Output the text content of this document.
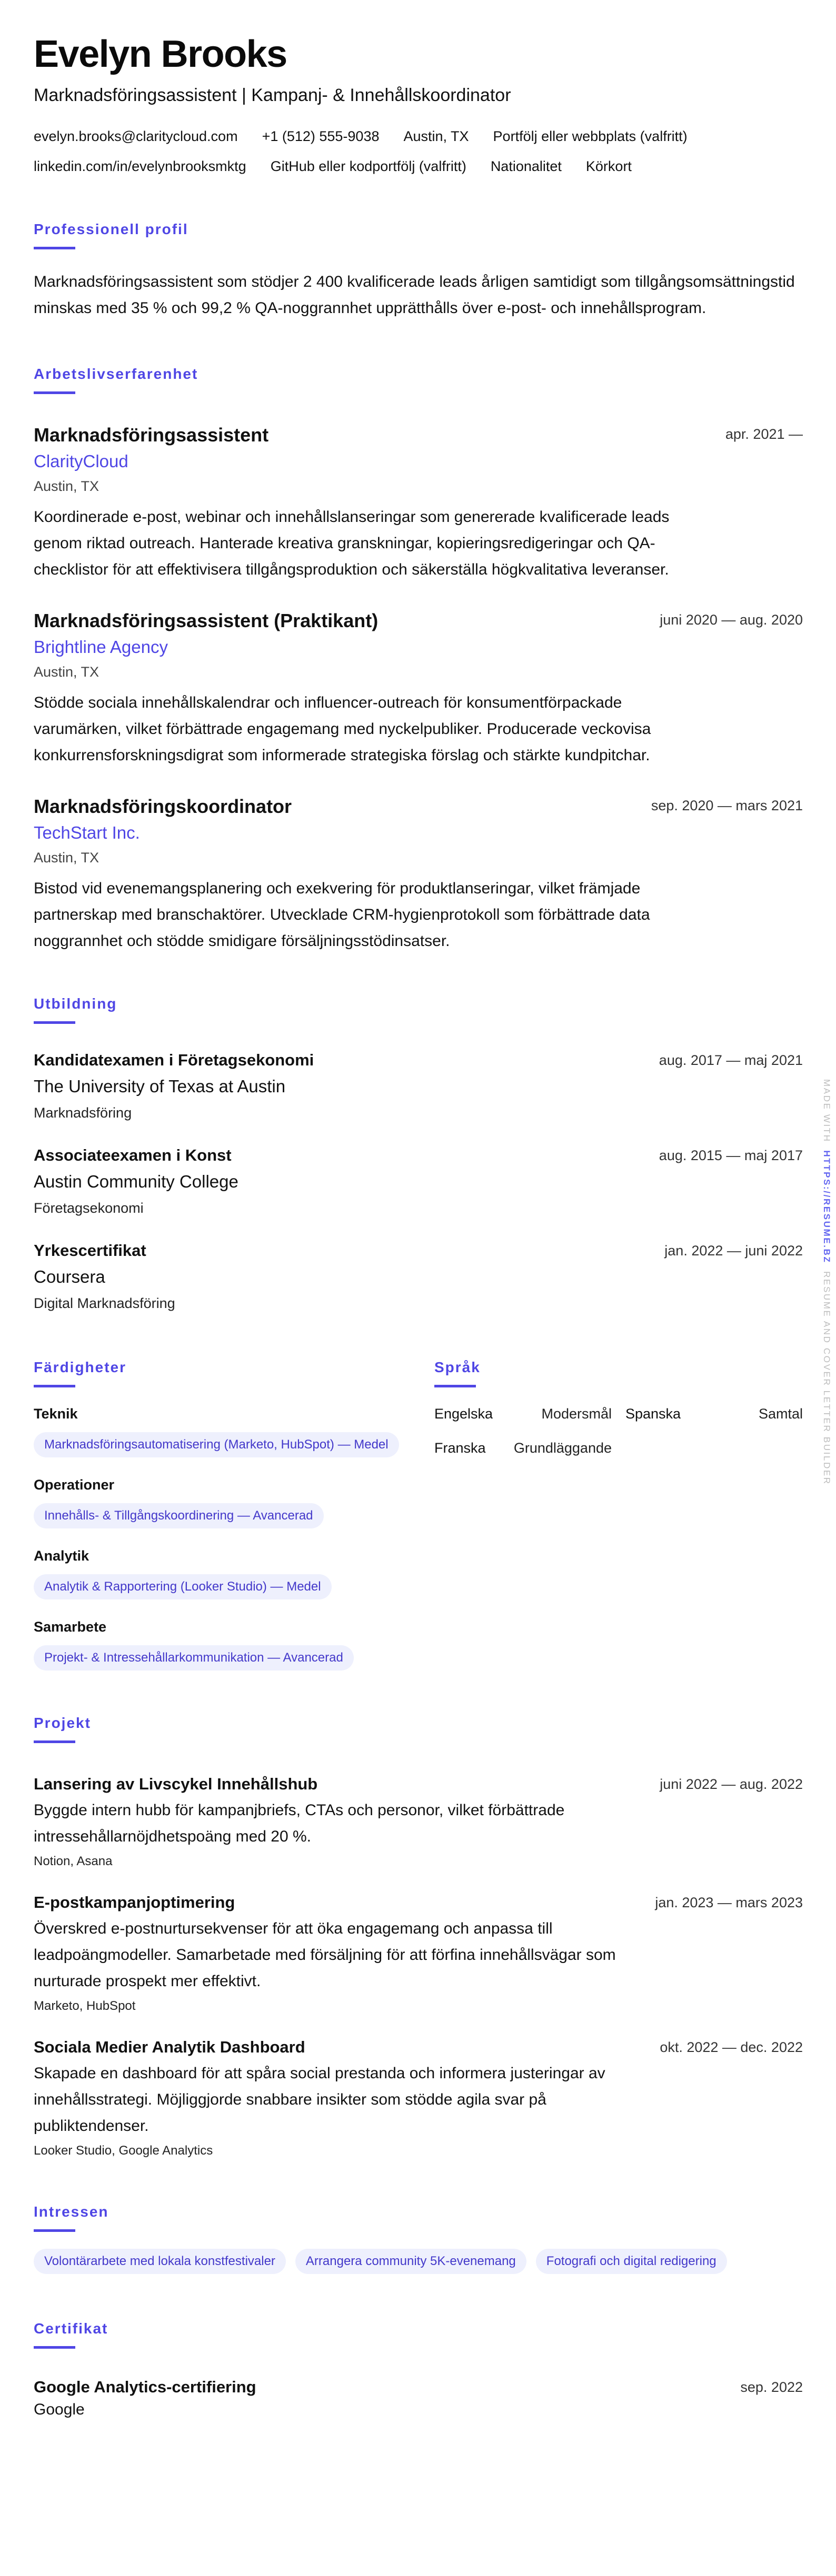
Evelyn Brooks
Marknadsföringsassistent | Kampanj- & Innehållskoordinator
evelyn.brooks@claritycloud.com +1 (512) 555-9038 Austin, TX Portfölj eller webbplats (valfritt)
linkedin.com/in/evelynbrooksmktg GitHub eller kodportfölj (valfritt) Nationalitet Körkort
Professionell profil

Marknadsföringsassistent som stödjer 2 400 kvalificerade leads årligen samtidigt som tillgångsomsättningstid minskas med 35 % och 99,2 % QA-noggrannhet upprätthålls över e-post- och innehållsprogram.

Arbetslivserfarenhet
Marknadsföringsassistent	apr. 2021 —
ClarityCloud
Austin, TX

Koordinerade e-post, webinar och innehållslanseringar som genererade kvalificerade leads genom riktad outreach. Hanterade kreativa granskningar, kopieringsredigeringar och QA-checklistor för att effektivisera tillgångsproduktion och säkerställa högkvalitativa leveranser.

Marknadsföringsassistent (Praktikant)	juni 2020 — aug. 2020
Brightline Agency
Austin, TX

Stödde sociala innehållskalendrar och influencer-outreach för konsumentförpackade varumärken, vilket förbättrade engagemang med nyckelpubliker. Producerade veckovisa konkurrensforskningsdigrat som informerade strategiska förslag och stärkte kundpitchar.

Marknadsföringskoordinator	sep. 2020 — mars 2021
TechStart Inc.
Austin, TX

Bistod vid evenemangsplanering och exekvering för produktlanseringar, vilket främjade partnerskap med branschaktörer. Utvecklade CRM-hygienprotokoll som förbättrade data noggrannhet och stödde smidigare försäljningsstödinsatser.

Utbildning
Kandidatexamen i Företagsekonomi	aug. 2017 — maj 2021
The University of Texas at Austin
Marknadsföring
Associateexamen i Konst	aug. 2015 — maj 2017
Austin Community College
Företagsekonomi
Yrkescertifikat	jan. 2022 — juni 2022
Coursera
Digital Marknadsföring
Färdigheter
Teknik
Marknadsföringsautomatisering (Marketo, HubSpot) — Medel
Operationer
Innehålls- & Tillgångskoordinering — Avancerad
Analytik
Analytik & Rapportering (Looker Studio) — Medel
Samarbete
Projekt- & Intressehållarkommunikation — Avancerad
Språk
Engelska	Modersmål Spanska	Samtal
Franska Grundläggande
Projekt
Lansering av Livscykel Innehållshub	juni 2022 — aug. 2022

Byggde intern hubb för kampanjbriefs, CTAs och personor, vilket förbättrade intressehållarnöjdhetspoäng med 20 %.

Notion, Asana
E-postkampanjoptimering	jan. 2023 — mars 2023

Överskred e-postnurtursekvenser för att öka engagemang och anpassa till leadpoängmodeller. Samarbetade med försäljning för att förfina innehållsvägar som nurturade prospekt mer effektivt.

Marketo, HubSpot
Sociala Medier Analytik Dashboard	okt. 2022 — dec. 2022

Skapade en dashboard för att spåra social prestanda och informera justeringar av innehållsstrategi. Möjliggjorde snabbare insikter som stödde agila svar på publiktendenser.

Looker Studio, Google Analytics
Intressen
Volontärarbete med lokala konstfestivaler	Arrangera community 5K-evenemang	Fotografi och digital redigering
Certifikat
Google Analytics-certifiering	sep. 2022
Google
MADE WITH  HTTPS://RESUME.BZ  RESUME AND COVER LETTER BUILDER
